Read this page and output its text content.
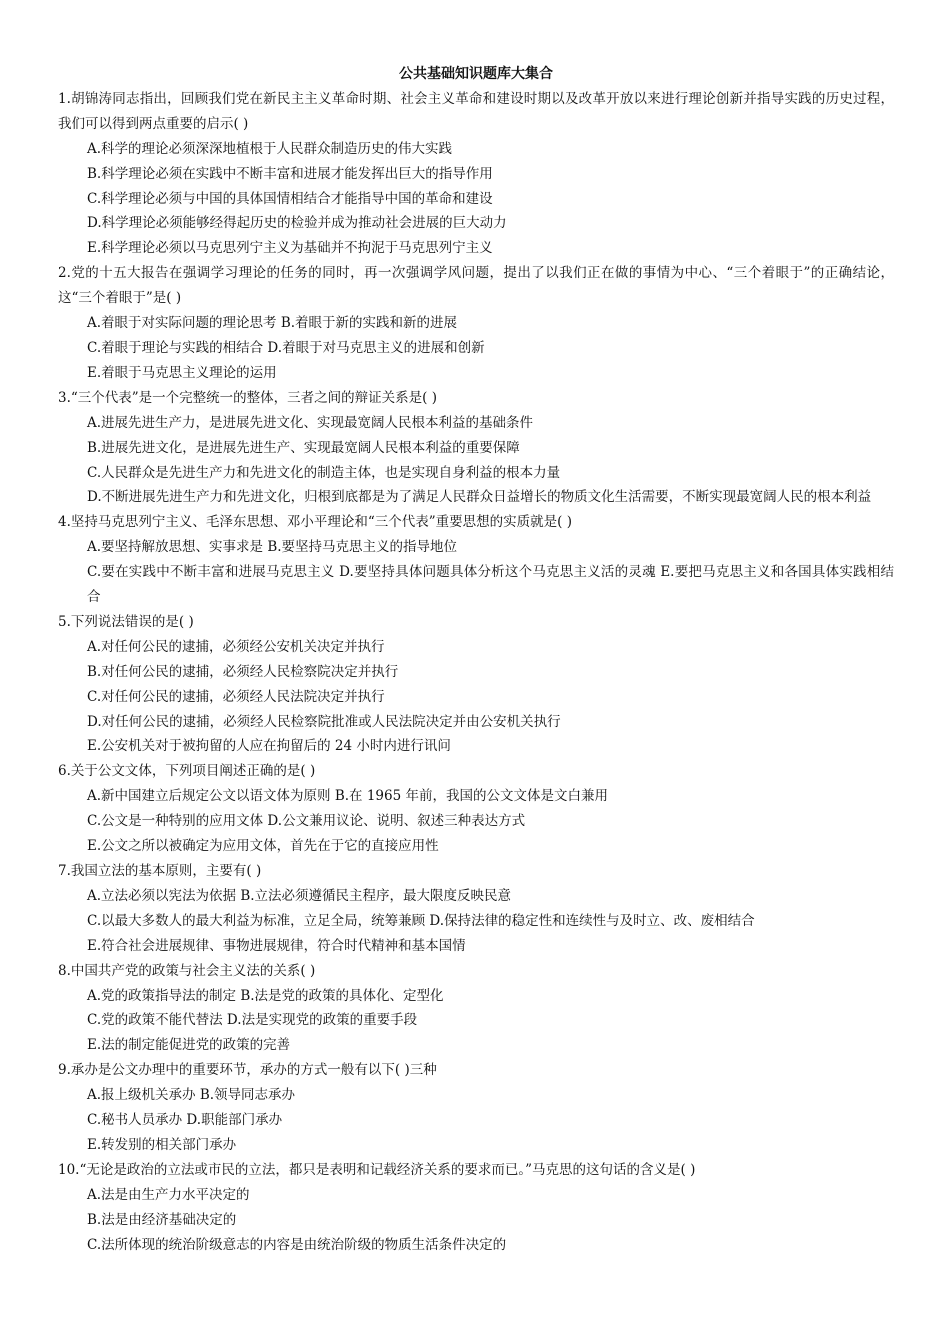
公共基础知识题库大集合
1.胡锦涛同志指出，回顾我们党在新民主主义革命时期、社会主义革命和建设时期以及改革开放以来进行理论创新并指导实践的历史过程，我们可以得到两点重要的启示( )
A.科学的理论必须深深地植根于人民群众制造历史的伟大实践
B.科学理论必须在实践中不断丰富和进展才能发挥出巨大的指导作用
C.科学理论必须与中国的具体国情相结合才能指导中国的革命和建设
D.科学理论必须能够经得起历史的检验并成为推动社会进展的巨大动力
E.科学理论必须以马克思列宁主义为基础并不拘泥于马克思列宁主义
2.党的十五大报告在强调学习理论的任务的同时，再一次强调学风问题，提出了以我们正在做的事情为中心、“三个着眼于”的正确结论，这“三个着眼于”是( )
A.着眼于对实际问题的理论思考 B.着眼于新的实践和新的进展
C.着眼于理论与实践的相结合 D.着眼于对马克思主义的进展和创新
E.着眼于马克思主义理论的运用
3.“三个代表”是一个完整统一的整体，三者之间的辩证关系是( )
A.进展先进生产力，是进展先进文化、实现最宽阔人民根本利益的基础条件
B.进展先进文化，是进展先进生产、实现最宽阔人民根本利益的重要保障
C.人民群众是先进生产力和先进文化的制造主体，也是实现自身利益的根本力量
D.不断进展先进生产力和先进文化，归根到底都是为了满足人民群众日益增长的物质文化生活需要，不断实现最宽阔人民的根本利益
4.坚持马克思列宁主义、毛泽东思想、邓小平理论和“三个代表”重要思想的实质就是( )
A.要坚持解放思想、实事求是 B.要坚持马克思主义的指导地位
C.要在实践中不断丰富和进展马克思主义 D.要坚持具体问题具体分析这个马克思主义活的灵魂 E.要把马克思主义和各国具体实践相结合
5.下列说法错误的是( )
A.对任何公民的逮捕，必须经公安机关决定并执行
B.对任何公民的逮捕，必须经人民检察院决定并执行
C.对任何公民的逮捕，必须经人民法院决定并执行
D.对任何公民的逮捕，必须经人民检察院批准或人民法院决定并由公安机关执行
E.公安机关对于被拘留的人应在拘留后的 24 小时内进行讯问
6.关于公文文体，下列项目阐述正确的是( )
A.新中国建立后规定公文以语文体为原则 B.在 1965 年前，我国的公文文体是文白兼用
C.公文是一种特别的应用文体 D.公文兼用议论、说明、叙述三种表达方式
E.公文之所以被确定为应用文体，首先在于它的直接应用性
7.我国立法的基本原则，主要有( )
A.立法必须以宪法为依据 B.立法必须遵循民主程序，最大限度反映民意
C.以最大多数人的最大利益为标准，立足全局，统筹兼顾 D.保持法律的稳定性和连续性与及时立、改、废相结合
E.符合社会进展规律、事物进展规律，符合时代精神和基本国情
8.中国共产党的政策与社会主义法的关系( )
A.党的政策指导法的制定 B.法是党的政策的具体化、定型化
C.党的政策不能代替法 D.法是实现党的政策的重要手段
E.法的制定能促进党的政策的完善
9.承办是公文办理中的重要环节，承办的方式一般有以下( )三种
A.报上级机关承办 B.领导同志承办
C.秘书人员承办 D.职能部门承办
E.转发别的相关部门承办
10.“无论是政治的立法或市民的立法，都只是表明和记载经济关系的要求而已。”马克思的这句话的含义是( )
A.法是由生产力水平决定的
B.法是由经济基础决定的
C.法所体现的统治阶级意志的内容是由统治阶级的物质生活条件决定的
